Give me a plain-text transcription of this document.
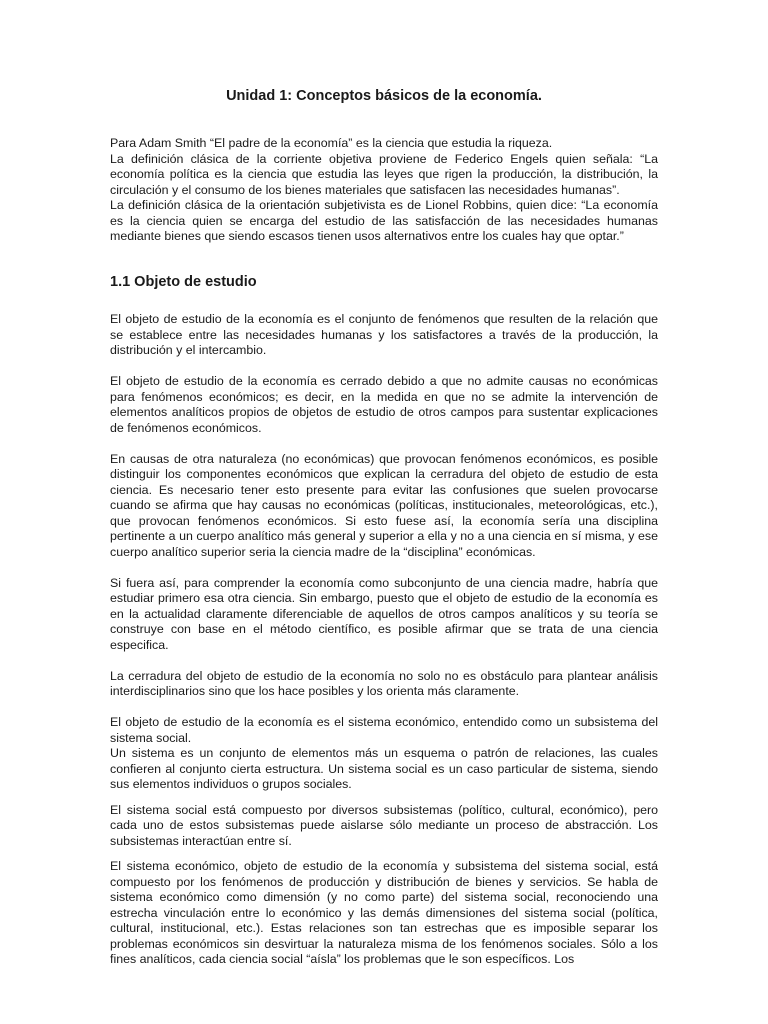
Unidad 1: Conceptos básicos de la economía.

Para Adam Smith “El padre de la economía” es la ciencia que estudia la riqueza.

La definición clásica de la corriente objetiva proviene de Federico Engels quien señala: “La economía política es la ciencia que estudia las leyes que rigen la producción, la distribución, la circulación y el consumo de los bienes materiales que satisfacen las necesidades humanas”.

La definición clásica de la orientación subjetivista es de Lionel Robbins, quien dice: “La economía es la ciencia quien se encarga del estudio de las satisfacción de las necesidades humanas mediante bienes que siendo escasos tienen usos alternativos entre los cuales hay que optar.”

1.1 Objeto de estudio

El objeto de estudio de la economía es el conjunto de fenómenos que resulten de la relación que se establece entre las necesidades humanas y los satisfactores a través de la producción, la distribución y el intercambio.

El objeto de estudio de la economía es cerrado debido a que no admite causas no económicas para fenómenos económicos; es decir, en la medida en que no se admite la intervención de elementos analíticos propios de objetos de estudio de otros campos para sustentar explicaciones de fenómenos económicos.

En causas de otra naturaleza (no económicas) que provocan fenómenos económicos, es posible distinguir los componentes económicos que explican la cerradura del objeto de estudio de esta ciencia. Es necesario tener esto presente para evitar las confusiones que suelen provocarse cuando se afirma que hay causas no económicas (políticas, institucionales, meteorológicas, etc.), que provocan fenómenos económicos. Si esto fuese así, la economía sería una disciplina pertinente a un cuerpo analítico más general y superior a ella y no a una ciencia en sí misma, y ese cuerpo analítico superior seria la ciencia madre de la “disciplina” económicas.

Si fuera así, para comprender la economía como subconjunto de una ciencia madre, habría que estudiar primero esa otra ciencia. Sin embargo, puesto que el objeto de estudio de la economía es en la actualidad claramente diferenciable de aquellos de otros campos analíticos y su teoría se construye con base en el método científico, es posible afirmar que se trata de una ciencia especifica.

La cerradura del objeto de estudio de la economía no solo no es obstáculo para plantear análisis interdisciplinarios sino que los hace posibles y los orienta más claramente.

El objeto de estudio de la economía es el sistema económico, entendido como un subsistema del sistema social.

Un sistema es un conjunto de elementos más un esquema o patrón de relaciones, las cuales confieren al conjunto cierta estructura. Un sistema social es un caso particular de sistema, siendo sus elementos individuos o grupos sociales.

El sistema social está compuesto por diversos subsistemas (político, cultural, económico), pero cada uno de estos subsistemas puede aislarse sólo mediante un proceso de abstracción. Los subsistemas interactúan entre sí.

El sistema económico, objeto de estudio de la economía y subsistema del sistema social, está compuesto por los fenómenos de producción y distribución de bienes y servicios. Se habla de sistema económico como dimensión (y no como parte) del sistema social, reconociendo una estrecha vinculación entre lo económico y las demás dimensiones del sistema social (política, cultural, institucional, etc.). Estas relaciones son tan estrechas que es imposible separar los problemas económicos sin desvirtuar la naturaleza misma de los fenómenos sociales. Sólo a los fines analíticos, cada ciencia social “aísla” los problemas que le son específicos. Los
